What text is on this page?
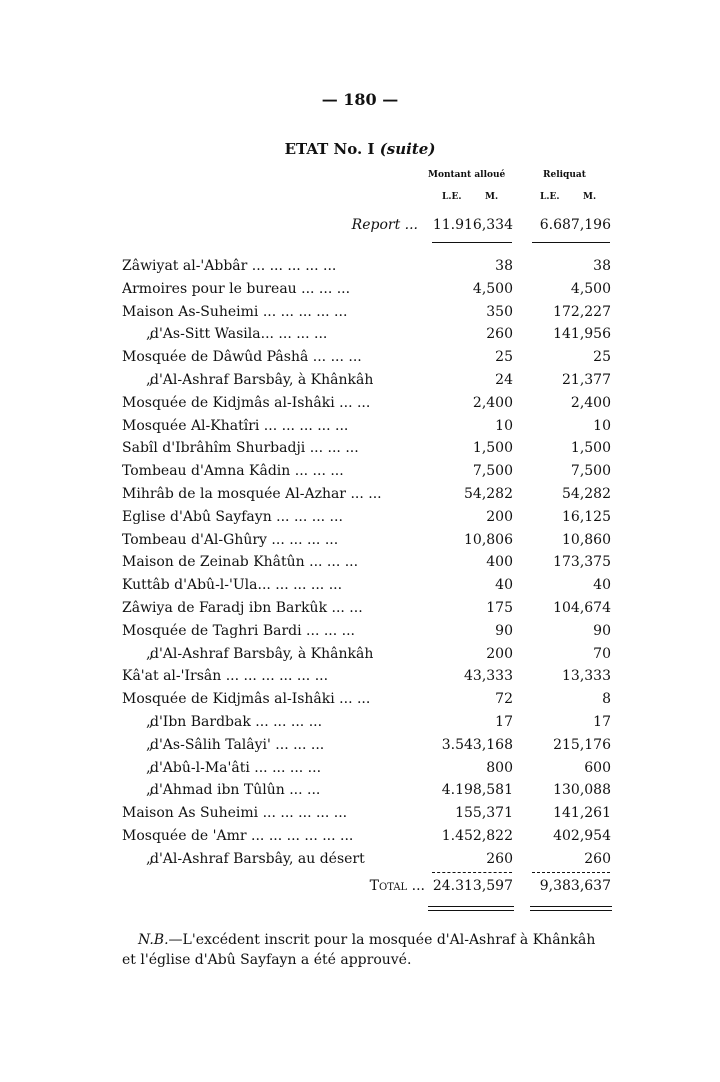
— 180 —
ETAT No. I (suite)
Montant alloué	Reliquat
L.E.	M.	L.E.	M.
Report ...	11.916,334	6.687,196
Zâwiyat al-'Abbâr ... ... ... ... ...	38	38
Armoires pour le bureau ... ... ...	4,500	4,500
Maison As-Suheimi ... ... ... ... ...	350	172,227
„ d'As-Sitt Wasila... ... ... ...	260	141,956
Mosquée de Dâwûd Pâshâ ... ... ...	25	25
„ d'Al-Ashraf Barsbây, à Khânkâh	24	21,377
Mosquée de Kidjmâs al-Ishâki ... ...	2,400	2,400
Mosquée Al-Khatîri ... ... ... ... ...	10	10
Sabîl d'Ibrâhîm Shurbadji ... ... ...	1,500	1,500
Tombeau d'Amna Kâdin ... ... ...	7,500	7,500
Mihrâb de la mosquée Al-Azhar ... ...	54,282	54,282
Eglise d'Abû Sayfayn ... ... ... ...	200	16,125
Tombeau d'Al-Ghûry ... ... ... ...	10,806	10,860
Maison de Zeinab Khâtûn ... ... ...	400	173,375
Kuttâb d'Abû-l-'Ula... ... ... ... ...	40	40
Zâwiya de Faradj ibn Barkûk ... ...	175	104,674
Mosquée de Taghri Bardi ... ... ...	90	90
„ d'Al-Ashraf Barsbây, à Khânkâh	200	70
Kâ'at al-'Irsân ... ... ... ... ... ...	43,333	13,333
Mosquée de Kidjmâs al-Ishâki ... ...	72	8
„ d'Ibn Bardbak ... ... ... ...	17	17
„ d'As-Sâlih Talâyi' ... ... ...	3.543,168	215,176
„ d'Abû-l-Ma'âti ... ... ... ...	800	600
„ d'Ahmad ibn Tûlûn ... ...	4.198,581	130,088
Maison As Suheimi ... ... ... ... ...	155,371	141,261
Mosquée de 'Amr ... ... ... ... ... ...	1.452,822	402,954
„ d'Al-Ashraf Barsbây, au désert	260	260
Total ... 24.313,597	9,383,637
N.B.—L'excédent inscrit pour la mosquée d'Al-Ashraf à Khânkâh et l'église d'Abû Sayfayn a été approuvé.
